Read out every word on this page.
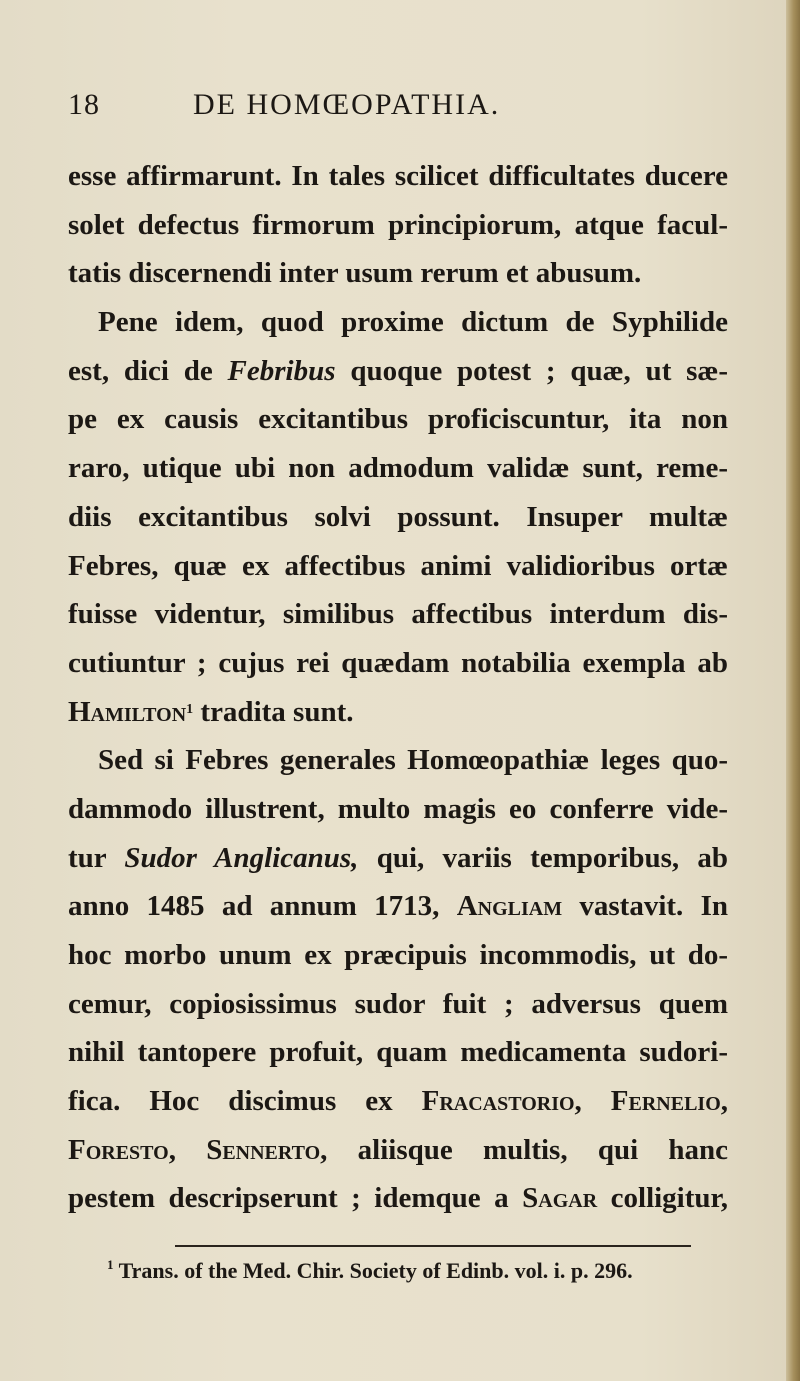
18	DE HOMŒOPATHIA.
esse affirmarunt. In tales scilicet difficultates ducere
solet defectus firmorum principiorum, atque facul-
tatis discernendi inter usum rerum et abusum.
Pene idem, quod proxime dictum de Syphilide
est, dici de Febribus quoque potest ; quæ, ut sæ-
pe ex causis excitantibus proficiscuntur, ita non
raro, utique ubi non admodum validæ sunt, reme-
diis excitantibus solvi possunt. Insuper multæ
Febres, quæ ex affectibus animi validioribus ortæ
fuisse videntur, similibus affectibus interdum dis-
cutiuntur ; cujus rei quædam notabilia exempla ab
Hamilton$^1$ tradita sunt.
Sed si Febres generales Homœopathiæ leges quo-
dammodo illustrent, multo magis eo conferre vide-
tur Sudor Anglicanus, qui, variis temporibus, ab
anno 1485 ad annum 1713, Angliam vastavit. In
hoc morbo unum ex præcipuis incommodis, ut do-
cemur, copiosissimus sudor fuit ; adversus quem
nihil tantopere profuit, quam medicamenta sudori-
fica. Hoc discimus ex Fracastorio, Fernelio,
Foresto, Sennerto, aliisque multis, qui hanc
pestem descripserunt ; idemque a Sagar colligitur,
$^1$ Trans. of the Med. Chir. Society of Edinb. vol. i. p. 296.
